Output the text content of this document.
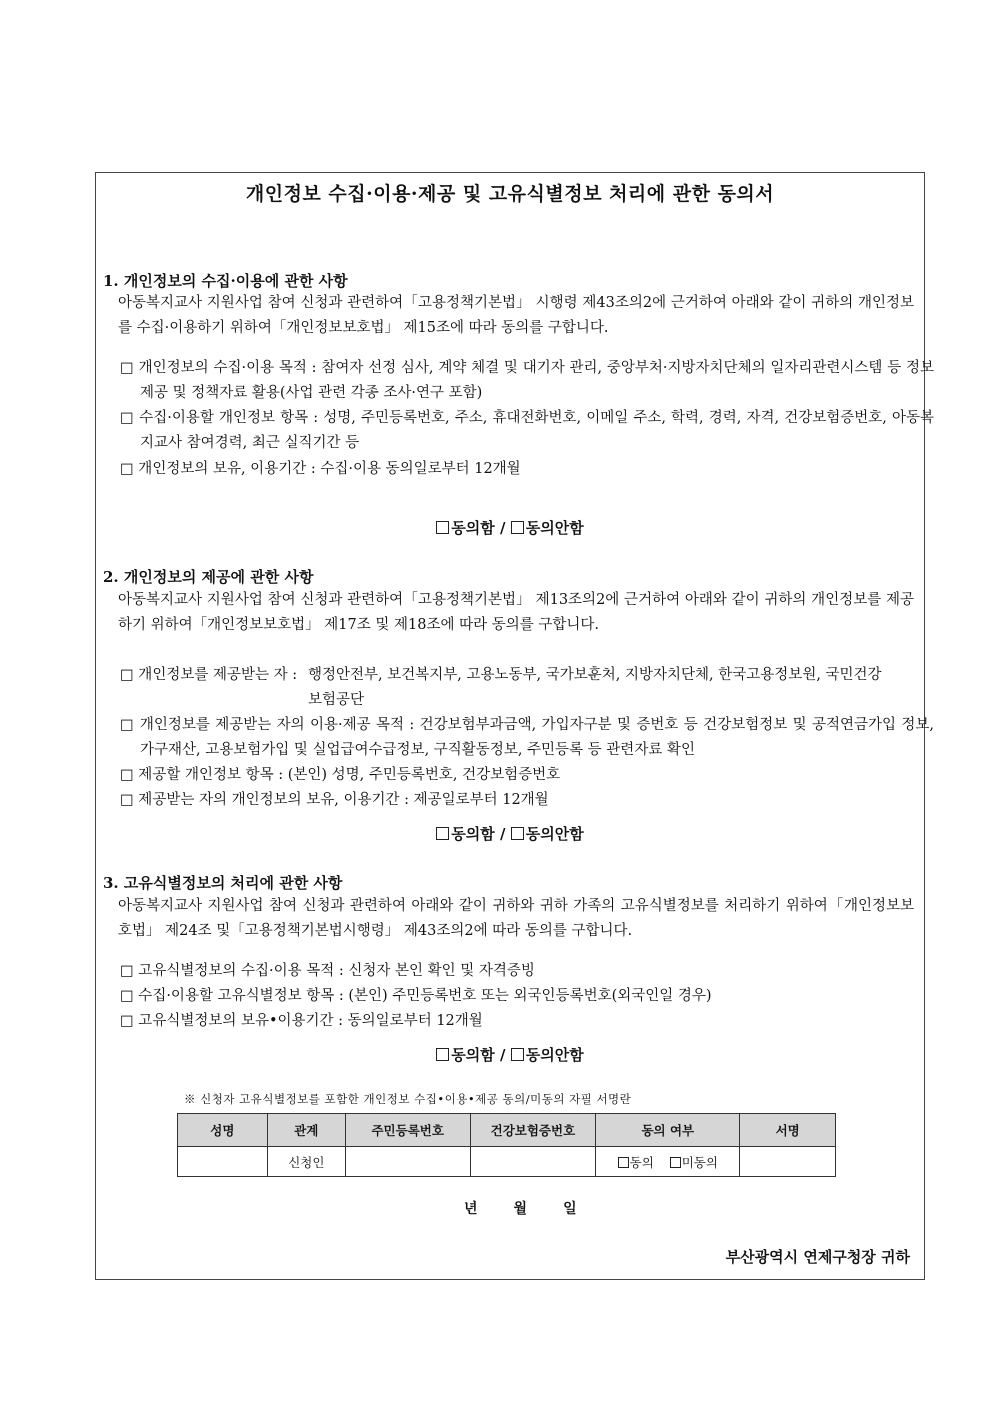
개인정보 수집·이용·제공 및 고유식별정보 처리에 관한 동의서
1. 개인정보의 수집·이용에 관한 사항
아동복지교사 지원사업 참여 신청과 관련하여「고용정책기본법」 시행령 제43조의2에 근거하여 아래와 같이 귀하의 개인정보를 수집·이용하기 위하여「개인정보보호법」 제15조에 따라 동의를 구합니다.
□ 개인정보의 수집·이용 목적 : 참여자 선정 심사, 계약 체결 및 대기자 관리, 중앙부처·지방자치단체의 일자리관련시스템 등 정보제공 및 정책자료 활용(사업 관련 각종 조사·연구 포함)
□ 수집·이용할 개인정보 항목 : 성명, 주민등록번호, 주소, 휴대전화번호, 이메일 주소, 학력, 경력, 자격, 건강보험증번호, 아동복지교사 참여경력, 최근 실직기간 등
□ 개인정보의 보유, 이용기간 : 수집·이용 동의일로부터 12개월
동의함 / 동의안함
2. 개인정보의 제공에 관한 사항
아동복지교사 지원사업 참여 신청과 관련하여「고용정책기본법」 제13조의2에 근거하여 아래와 같이 귀하의 개인정보를 제공하기 위하여「개인정보보호법」 제17조 및 제18조에 따라 동의를 구합니다.
□ 개인정보를 제공받는 자 : 행정안전부, 보건복지부, 고용노동부, 국가보훈처, 지방자치단체, 한국고용정보원, 국민건강
보험공단
□ 개인정보를 제공받는 자의 이용·제공 목적 : 건강보험부과금액, 가입자구분 및 증번호 등 건강보험정보 및 공적연금가입 정보, 가구재산, 고용보험가입 및 실업급여수급정보, 구직활동정보, 주민등록 등 관련자료 확인
□ 제공할 개인정보 항목 : (본인) 성명, 주민등록번호, 건강보험증번호
□ 제공받는 자의 개인정보의 보유, 이용기간 : 제공일로부터 12개월
동의함 / 동의안함
3. 고유식별정보의 처리에 관한 사항
아동복지교사 지원사업 참여 신청과 관련하여 아래와 같이 귀하와 귀하 가족의 고유식별정보를 처리하기 위하여「개인정보보호법」 제24조 및「고용정책기본법시행령」 제43조의2에 따라 동의를 구합니다.
□ 고유식별정보의 수집·이용 목적 : 신청자 본인 확인 및 자격증빙
□ 수집·이용할 고유식별정보 항목 : (본인) 주민등록번호 또는 외국인등록번호(외국인일 경우)
□ 고유식별정보의 보유•이용기간 : 동의일로부터 12개월
동의함 / 동의안함
※ 신청자 고유식별정보를 포함한 개인정보 수집•이용•제공 동의/미동의 자필 서명란
성명	관계	주민등록번호	건강보험증번호	동의 여부	서명
	신청인			동의 미동의	
년	월	일
부산광역시 연제구청장 귀하
